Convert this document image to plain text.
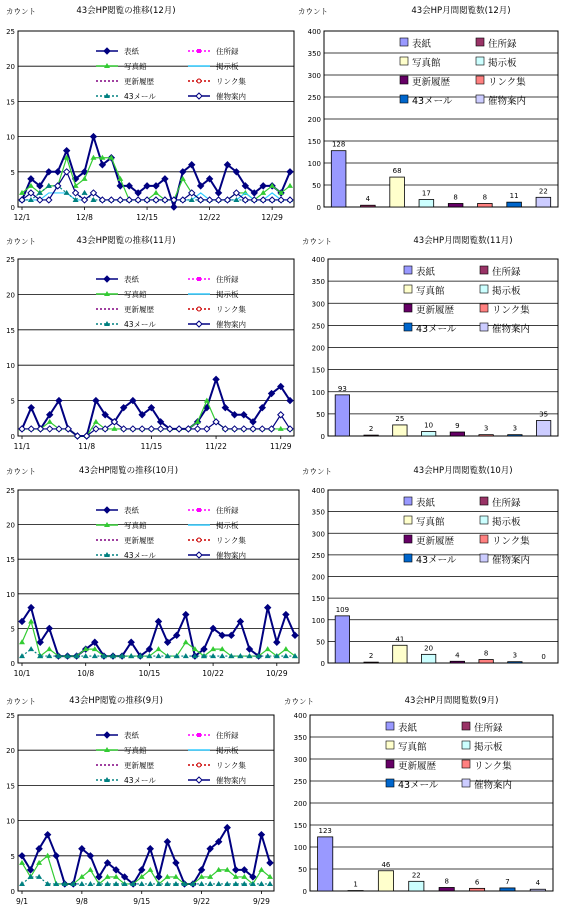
43会HP閲覧の推移(12月)
カウント
0
5
10
15
20
25
12/1	12/8	12/15	12/22	12/29
表紙	住所録
写真館	掲示板
更新履歴	リンク集
43メール	催物案内
43会HP月間閲覧数(12月)
カウント
0
50
100
150
200
250
300
350
400
表紙	住所録
写真館	掲示板
更新履歴	リンク集
43メール	催物案内
128
4
68
17	8	8	11
22
43会HP閲覧の推移(11月)
カウント
0
5
10
15
20
25
11/1	11/8	11/15	11/22	11/29
表紙	住所録
写真館	掲示板
更新履歴	リンク集
43メール	催物案内
43会HP月間閲覧数(11月)
カウント
0
50
100
150
200
250
300
350
400
表紙	住所録
写真館	掲示板
更新履歴	リンク集
43メール	催物案内
93
2
25
10	9	3	3
35
43会HP閲覧の推移(10月)
カウント
0
5
10
15
20
25
10/1	10/8	10/15	10/22	10/29
表紙	住所録
写真館	掲示板
更新履歴	リンク集
43メール	催物案内
43会HP月間閲覧数(10月)
カウント
0
50
100
150
200
250
300
350
400
表紙	住所録
写真館	掲示板
更新履歴	リンク集
43メール	催物案内
109
2
41
20
4	8	3	0
43会HP閲覧の推移(9月)
カウント
0
5
10
15
20
25
9/1	9/8	9/15	9/22	9/29
表紙	住所録
写真館	掲示板
更新履歴	リンク集
43メール	催物案内
43会HP月間閲覧数(9月)
カウント
0
50
100
150
200
250
300
350
400
表紙	住所録
写真館	掲示板
更新履歴	リンク集
43メール	催物案内
123
1
46
22
8	6	7	4
